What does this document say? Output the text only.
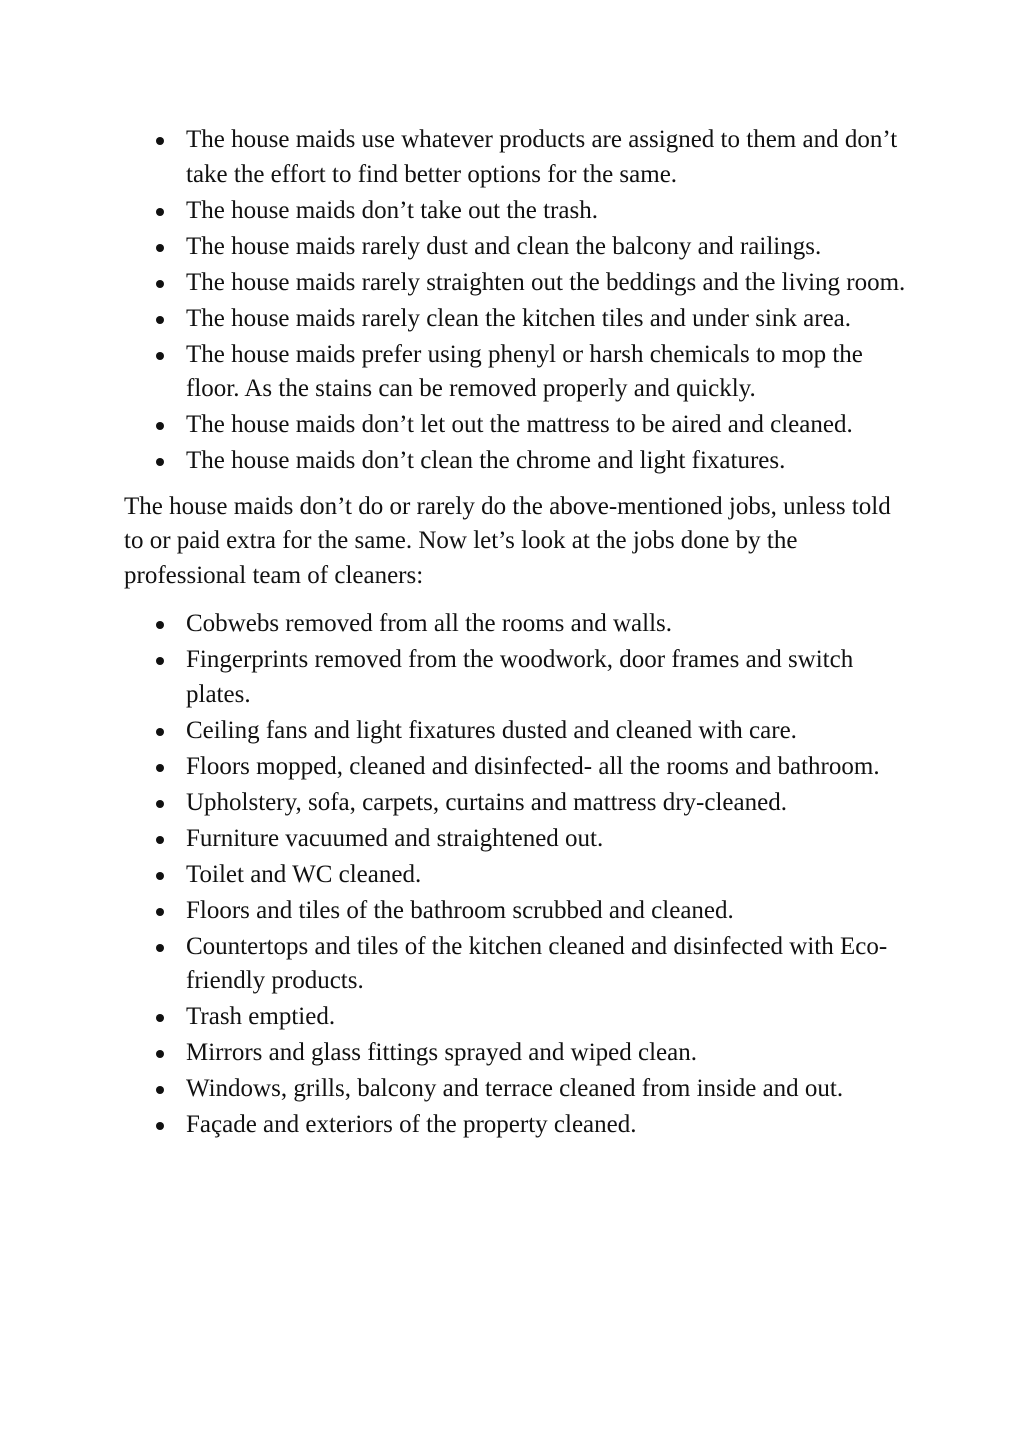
The house maids use whatever products are assigned to them and don’t take the effort to find better options for the same.
The house maids don’t take out the trash.
The house maids rarely dust and clean the balcony and railings.
The house maids rarely straighten out the beddings and the living room.
The house maids rarely clean the kitchen tiles and under sink area.
The house maids prefer using phenyl or harsh chemicals to mop the floor. As the stains can be removed properly and quickly.
The house maids don’t let out the mattress to be aired and cleaned.
The house maids don’t clean the chrome and light fixatures.

The house maids don’t do or rarely do the above-mentioned jobs, unless told to or paid extra for the same. Now let’s look at the jobs done by the professional team of cleaners:

Cobwebs removed from all the rooms and walls.
Fingerprints removed from the woodwork, door frames and switch plates.
Ceiling fans and light fixatures dusted and cleaned with care.
Floors mopped, cleaned and disinfected- all the rooms and bathroom.
Upholstery, sofa, carpets, curtains and mattress dry-cleaned.
Furniture vacuumed and straightened out.
Toilet and WC cleaned.
Floors and tiles of the bathroom scrubbed and cleaned.
Countertops and tiles of the kitchen cleaned and disinfected with Eco-friendly products.
Trash emptied.
Mirrors and glass fittings sprayed and wiped clean.
Windows, grills, balcony and terrace cleaned from inside and out.
Façade and exteriors of the property cleaned.
